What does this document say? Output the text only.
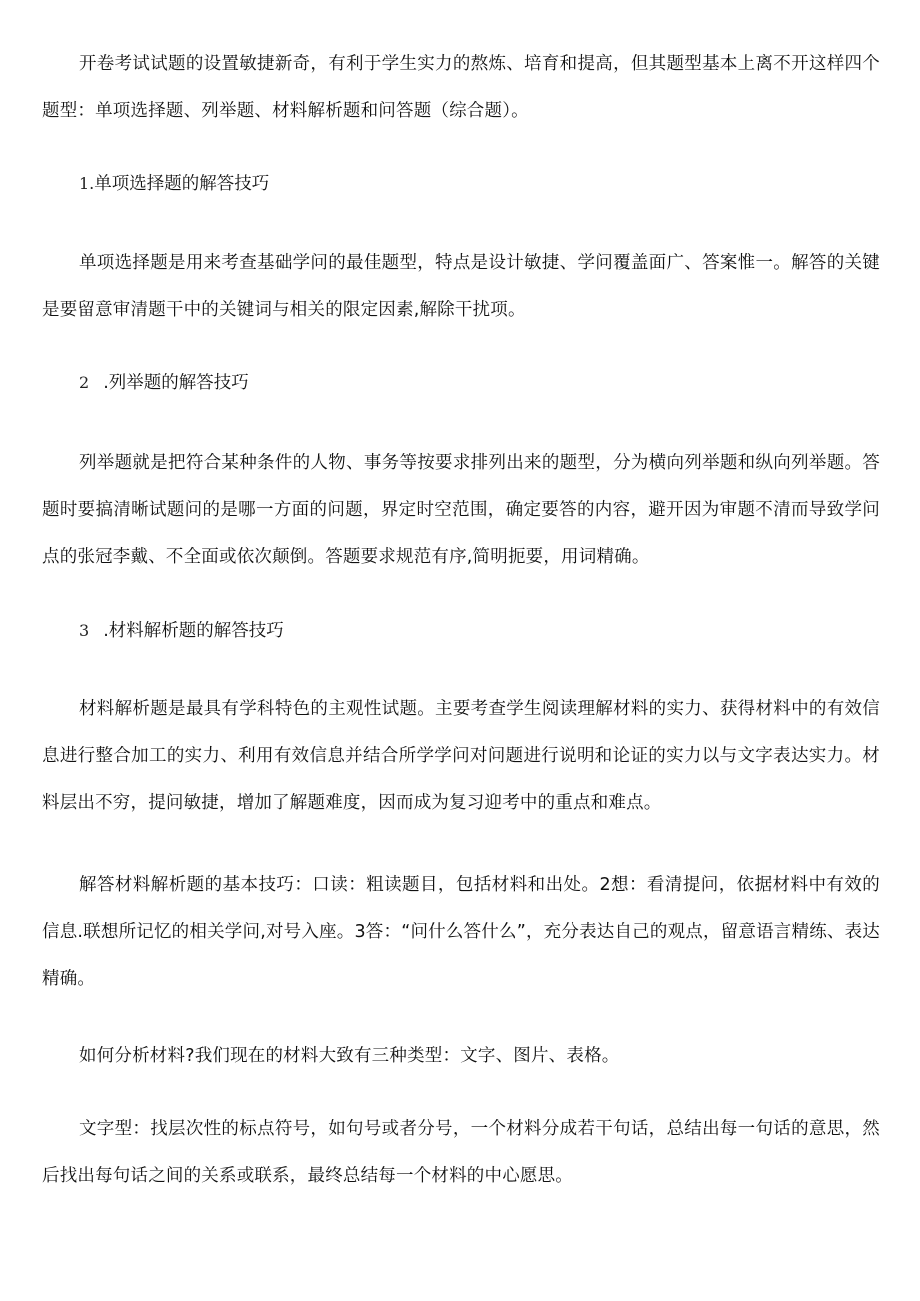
开卷考试试题的设置敏捷新奇，有利于学生实力的熬炼、培育和提高，但其题型基本上离不开这样四个题型：单项选择题、列举题、材料解析题和问答题（综合题）。

1.单项选择题的解答技巧

单项选择题是用来考查基础学问的最佳题型，特点是设计敏捷、学问覆盖面广、答案惟一。解答的关键是要留意审清题干中的关键词与相关的限定因素,解除干扰项。

2 .列举题的解答技巧

列举题就是把符合某种条件的人物、事务等按要求排列出来的题型，分为横向列举题和纵向列举题。答题时要搞清晰试题问的是哪一方面的问题，界定时空范围，确定要答的内容，避开因为审题不清而导致学问点的张冠李戴、不全面或依次颠倒。答题要求规范有序,简明扼要，用词精确。

3 .材料解析题的解答技巧

材料解析题是最具有学科特色的主观性试题。主要考查学生阅读理解材料的实力、获得材料中的有效信息进行整合加工的实力、利用有效信息并结合所学学问对问题进行说明和论证的实力以与文字表达实力。材料层出不穷，提问敏捷，增加了解题难度，因而成为复习迎考中的重点和难点。

解答材料解析题的基本技巧：口读：粗读题目，包括材料和出处。2想：看清提问，依据材料中有效的信息.联想所记忆的相关学问,对号入座。3答：“问什么答什么”，充分表达自己的观点，留意语言精练、表达精确。

如何分析材料?我们现在的材料大致有三种类型：文字、图片、表格。

文字型：找层次性的标点符号，如句号或者分号，一个材料分成若干句话，总结出每一句话的意思，然后找出每句话之间的关系或联系，最终总结每一个材料的中心愿思。
